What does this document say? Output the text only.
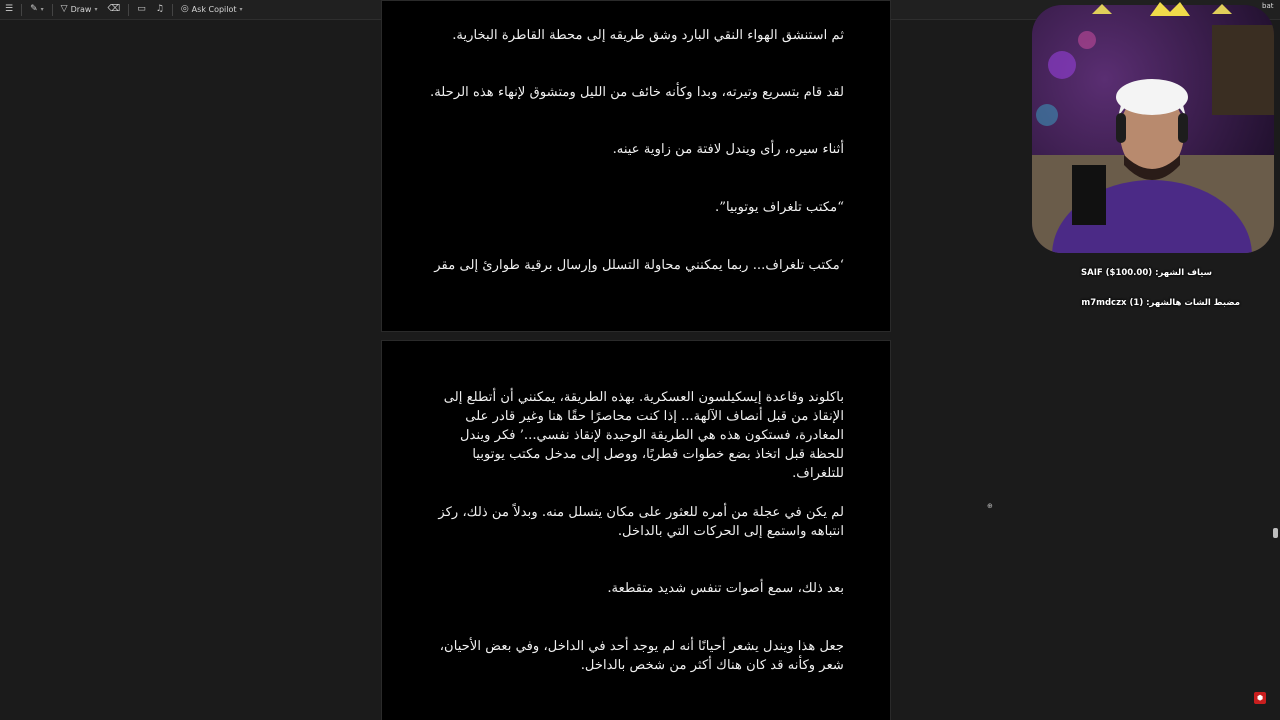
☰ ✎ ▾ ▽ Draw ▾ ⌫ ▭ ♫ ◎ Ask Copilot ▾

ثم استنشق الهواء النقي البارد وشق طريقه إلى محطة القاطرة البخارية.

لقد قام بتسريع وتيرته، وبدا وكأنه خائف من الليل ومتشوق لإنهاء هذه الرحلة.

أثناء سيره، رأى ويندل لافتة من زاوية عينه.

“مكتب تلغراف يوتوبيا”.

‘مكتب تلغراف... ربما يمكنني محاولة التسلل وإرسال برقية طوارئ إلى مقر

باكلوند وقاعدة إيسكيلسون العسكرية. بهذه الطريقة، يمكنني أن أتطلع إلى الإنقاذ من قبل أنصاف الآلهة... إذا كنت محاصرًا حقًا هنا وغير قادر على المغادرة، فستكون هذه هي الطريقة الوحيدة لإنقاذ نفسي...’ فكر ويندل للحظة قبل اتخاذ بضع خطوات قطريًا، ووصل إلى مدخل مكتب يوتوبيا للتلغراف.

لم يكن في عجلة من أمره للعثور على مكان يتسلل منه. وبدلاً من ذلك، ركز انتباهه واستمع إلى الحركات التي بالداخل.

بعد ذلك، سمع أصوات تنفس شديد متقطعة.

جعل هذا ويندل يشعر أحيانًا أنه لم يوجد أحد في الداخل، وفي بعض الأحيان، شعر وكأنه قد كان هناك أكثر من شخص بالداخل.

bat
سياف الشهر: (SAIF ($100.00
مضبط الشات هالشهر: (1) m7mdczx
⊕
⬢
